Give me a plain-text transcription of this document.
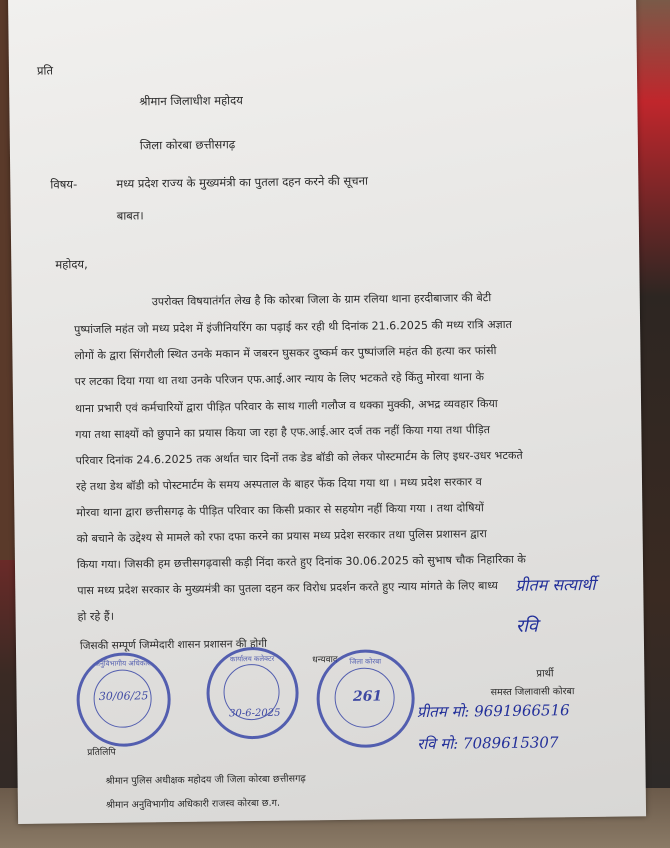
प्रति
श्रीमान जिलाधीश महोदय
जिला कोरबा छत्तीसगढ़
विषय-	मध्य प्रदेश राज्य के मुख्यमंत्री का पुतला दहन करने की सूचना
बाबत।
महोदय,
उपरोक्त विषयातंर्गत लेख है कि कोरबा जिला के ग्राम रलिया थाना हरदीबाजार की बेटी
पुष्पांजलि महंत जो मध्य प्रदेश में इंजीनियरिंग का पढ़ाई कर रही थी दिनांक 21.6.2025 की मध्य रात्रि अज्ञात
लोगों के द्वारा सिंगरौली स्थित उनके मकान में जबरन घुसकर दुष्कर्म कर पुष्पांजलि महंत की हत्या कर फांसी
पर लटका दिया गया था तथा उनके परिजन एफ.आई.आर न्याय के लिए भटकते रहे किंतु मोरवा थाना के
थाना प्रभारी एवं कर्मचारियों द्वारा पीड़ित परिवार के साथ गाली गलौज व धक्का मुक्की, अभद्र व्यवहार किया
गया तथा साक्ष्यों को छुपाने का प्रयास किया जा रहा है एफ.आई.आर दर्ज तक नहीं किया गया तथा पीड़ित
परिवार दिनांक 24.6.2025 तक अर्थात चार दिनों तक डेड बॉडी को लेकर पोस्टमार्टम के लिए इधर-उधर भटकते
रहे तथा डेथ बॉडी को पोस्टमार्टम के समय अस्पताल के बाहर फेंक दिया गया था । मध्य प्रदेश सरकार व
मोरवा थाना द्वारा छत्तीसगढ़ के पीड़ित परिवार का किसी प्रकार से सहयोग नहीं किया गया । तथा दोषियों
को बचाने के उद्देश्य से मामले को रफा दफा करने का प्रयास मध्य प्रदेश सरकार तथा पुलिस प्रशासन द्वारा
किया गया। जिसकी हम छत्तीसगढ़वासी कड़ी निंदा करते हुए दिनांक 30.06.2025 को सुभाष चौक निहारिका के
पास मध्य प्रदेश सरकार के मुख्यमंत्री का पुतला दहन कर विरोध प्रदर्शन करते हुए न्याय मांगते के लिए बाध्य
हो रहे हैं।
जिसकी सम्पूर्ण जिम्मेदारी शासन प्रशासन की होगी
धन्यवाद
प्रीतम सत्यार्थी
रवि
प्रार्थी
समस्त जिलावासी कोरबा
अनुविभागीय अधिकारी
30/06/25
कार्यालय कलेक्टर
30-6-2025
जिला कोरबा
261
प्रीतम मो: 9691966516
रवि मो: 7089615307
प्रतिलिपि
श्रीमान पुलिस अधीक्षक महोदय जी जिला कोरबा छत्तीसगढ़
श्रीमान अनुविभागीय अधिकारी राजस्व कोरबा छ.ग.
